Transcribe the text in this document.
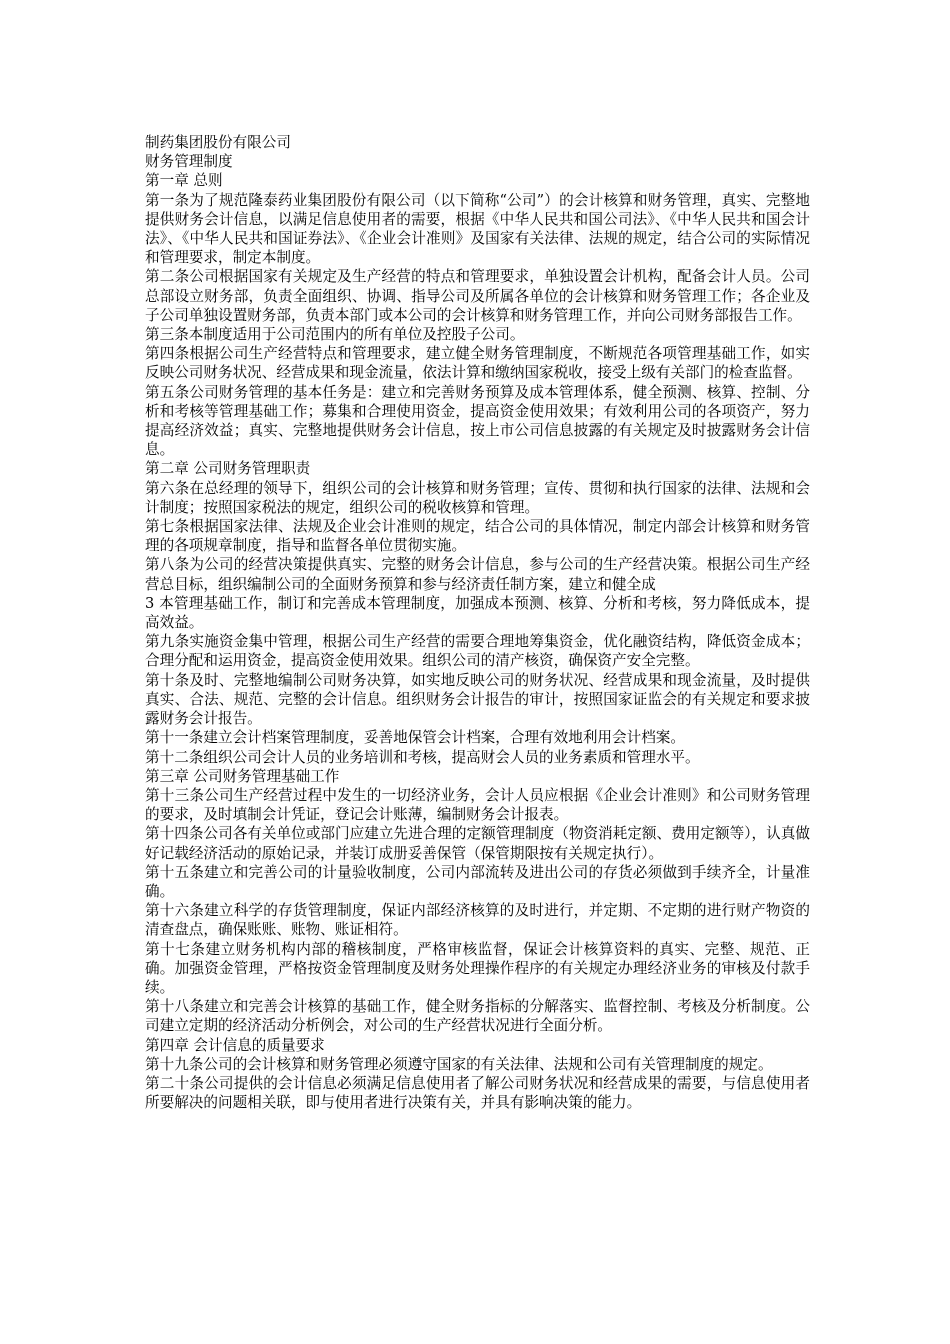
制药集团股份有限公司

财务管理制度

第一章 总则

第一条为了规范隆泰药业集团股份有限公司（以下简称“公司”）的会计核算和财务管理，真实、完整地提供财务会计信息，以满足信息使用者的需要，根据《中华人民共和国公司法》、《中华人民共和国会计法》、《中华人民共和国证券法》、《企业会计准则》及国家有关法律、法规的规定，结合公司的实际情况和管理要求，制定本制度。

第二条公司根据国家有关规定及生产经营的特点和管理要求，单独设置会计机构，配备会计人员。公司总部设立财务部，负责全面组织、协调、指导公司及所属各单位的会计核算和财务管理工作；各企业及子公司单独设置财务部，负责本部门或本公司的会计核算和财务管理工作，并向公司财务部报告工作。

第三条本制度适用于公司范围内的所有单位及控股子公司。

第四条根据公司生产经营特点和管理要求，建立健全财务管理制度，不断规范各项管理基础工作，如实反映公司财务状况、经营成果和现金流量，依法计算和缴纳国家税收，接受上级有关部门的检查监督。

第五条公司财务管理的基本任务是：建立和完善财务预算及成本管理体系，健全预测、核算、控制、分析和考核等管理基础工作；募集和合理使用资金，提高资金使用效果；有效利用公司的各项资产，努力提高经济效益；真实、完整地提供财务会计信息，按上市公司信息披露的有关规定及时披露财务会计信息。

第二章 公司财务管理职责

第六条在总经理的领导下，组织公司的会计核算和财务管理；宣传、贯彻和执行国家的法律、法规和会计制度；按照国家税法的规定，组织公司的税收核算和管理。

第七条根据国家法律、法规及企业会计准则的规定，结合公司的具体情况，制定内部会计核算和财务管理的各项规章制度，指导和监督各单位贯彻实施。

第八条为公司的经营决策提供真实、完整的财务会计信息，参与公司的生产经营决策。根据公司生产经营总目标，组织编制公司的全面财务预算和参与经济责任制方案，建立和健全成

3 本管理基础工作，制订和完善成本管理制度，加强成本预测、核算、分析和考核，努力降低成本，提高效益。

第九条实施资金集中管理，根据公司生产经营的需要合理地筹集资金，优化融资结构，降低资金成本；合理分配和运用资金，提高资金使用效果。组织公司的清产核资，确保资产安全完整。

第十条及时、完整地编制公司财务决算，如实地反映公司的财务状况、经营成果和现金流量，及时提供真实、合法、规范、完整的会计信息。组织财务会计报告的审计，按照国家证监会的有关规定和要求披露财务会计报告。

第十一条建立会计档案管理制度，妥善地保管会计档案，合理有效地利用会计档案。

第十二条组织公司会计人员的业务培训和考核，提高财会人员的业务素质和管理水平。

第三章 公司财务管理基础工作

第十三条公司生产经营过程中发生的一切经济业务，会计人员应根据《企业会计准则》和公司财务管理的要求，及时填制会计凭证，登记会计账薄，编制财务会计报表。

第十四条公司各有关单位或部门应建立先进合理的定额管理制度（物资消耗定额、费用定额等），认真做好记载经济活动的原始记录，并装订成册妥善保管（保管期限按有关规定执行）。

第十五条建立和完善公司的计量验收制度，公司内部流转及进出公司的存货必须做到手续齐全，计量准确。

第十六条建立科学的存货管理制度，保证内部经济核算的及时进行，并定期、不定期的进行财产物资的清查盘点，确保账账、账物、账证相符。

第十七条建立财务机构内部的稽核制度，严格审核监督，保证会计核算资料的真实、完整、规范、正确。加强资金管理，严格按资金管理制度及财务处理操作程序的有关规定办理经济业务的审核及付款手续。

第十八条建立和完善会计核算的基础工作，健全财务指标的分解落实、监督控制、考核及分析制度。公司建立定期的经济活动分析例会，对公司的生产经营状况进行全面分析。

第四章 会计信息的质量要求

第十九条公司的会计核算和财务管理必须遵守国家的有关法律、法规和公司有关管理制度的规定。

第二十条公司提供的会计信息必须满足信息使用者了解公司财务状况和经营成果的需要，与信息使用者所要解决的问题相关联，即与使用者进行决策有关，并具有影响决策的能力。
